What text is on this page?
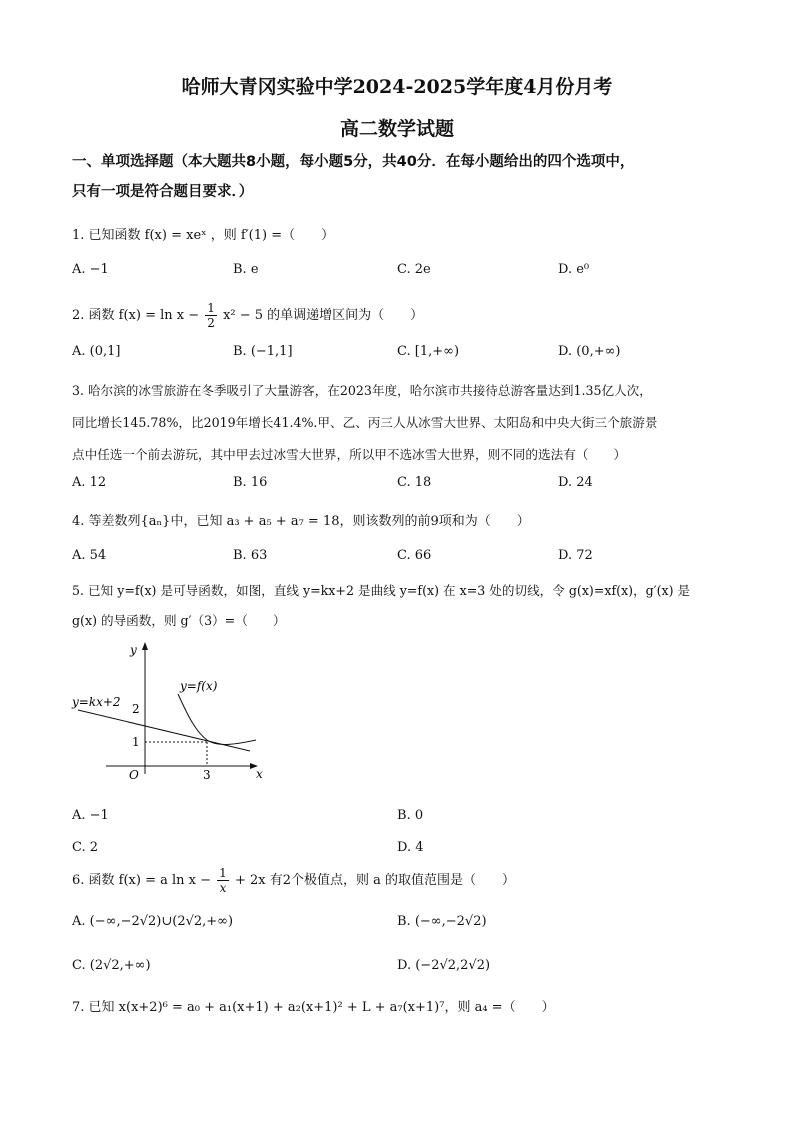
哈师大青冈实验中学2024-2025学年度4月份月考
高二数学试题
一、单项选择题（本大题共8小题，每小题5分，共40分．在每小题给出的四个选项中，
只有一项是符合题目要求．）
1. 已知函数 f(x) = xeˣ ，则 f′(1) =（　　）
A. −1	B. e	C. 2e	D. e⁰
2. 函数 $f(x) = \ln x - \frac{1}{2} x^2 - 5$ 的单调递增区间为（　　）
A. (0,1]	B. (−1,1]	C. [1,+∞)	D. (0,+∞)
3. 哈尔滨的冰雪旅游在冬季吸引了大量游客，在2023年度，哈尔滨市共接待总游客量达到1.35亿人次，
同比增长145.78%，比2019年增长41.4%.甲、乙、丙三人从冰雪大世界、太阳岛和中央大街三个旅游景
点中任选一个前去游玩，其中甲去过冰雪大世界，所以甲不选冰雪大世界，则不同的选法有（　　）
A. 12	B. 16	C. 18	D. 24
4. 等差数列{aₙ}中，已知 a₃ + a₅ + a₇ = 18，则该数列的前9项和为（　　）
A. 54	B. 63	C. 66	D. 72
5. 已知 y=f(x) 是可导函数，如图，直线 y=kx+2 是曲线 y=f(x) 在 x=3 处的切线，令 g(x)=xf(x)，g′(x) 是
g(x) 的导函数，则 g′（3）=（　　）
y
x
O
y=f(x)
y=kx+2 2
1
3
A. −1	B. 0
C. 2	D. 4
6. 函数 f(x) = a $\ln x - \frac{1}{x} + 2x$ 有2个极值点，则 a 的取值范围是（　　）
A. (−∞,−2√2)∪(2√2,+∞)	B. (−∞,−2√2)
C. (2√2,+∞)	D. (−2√2,2√2)
7. 已知 x(x+2)⁶ = a₀ + a₁(x+1) + a₂(x+1)² + L + a₇(x+1)⁷，则 a₄ =（　　）
